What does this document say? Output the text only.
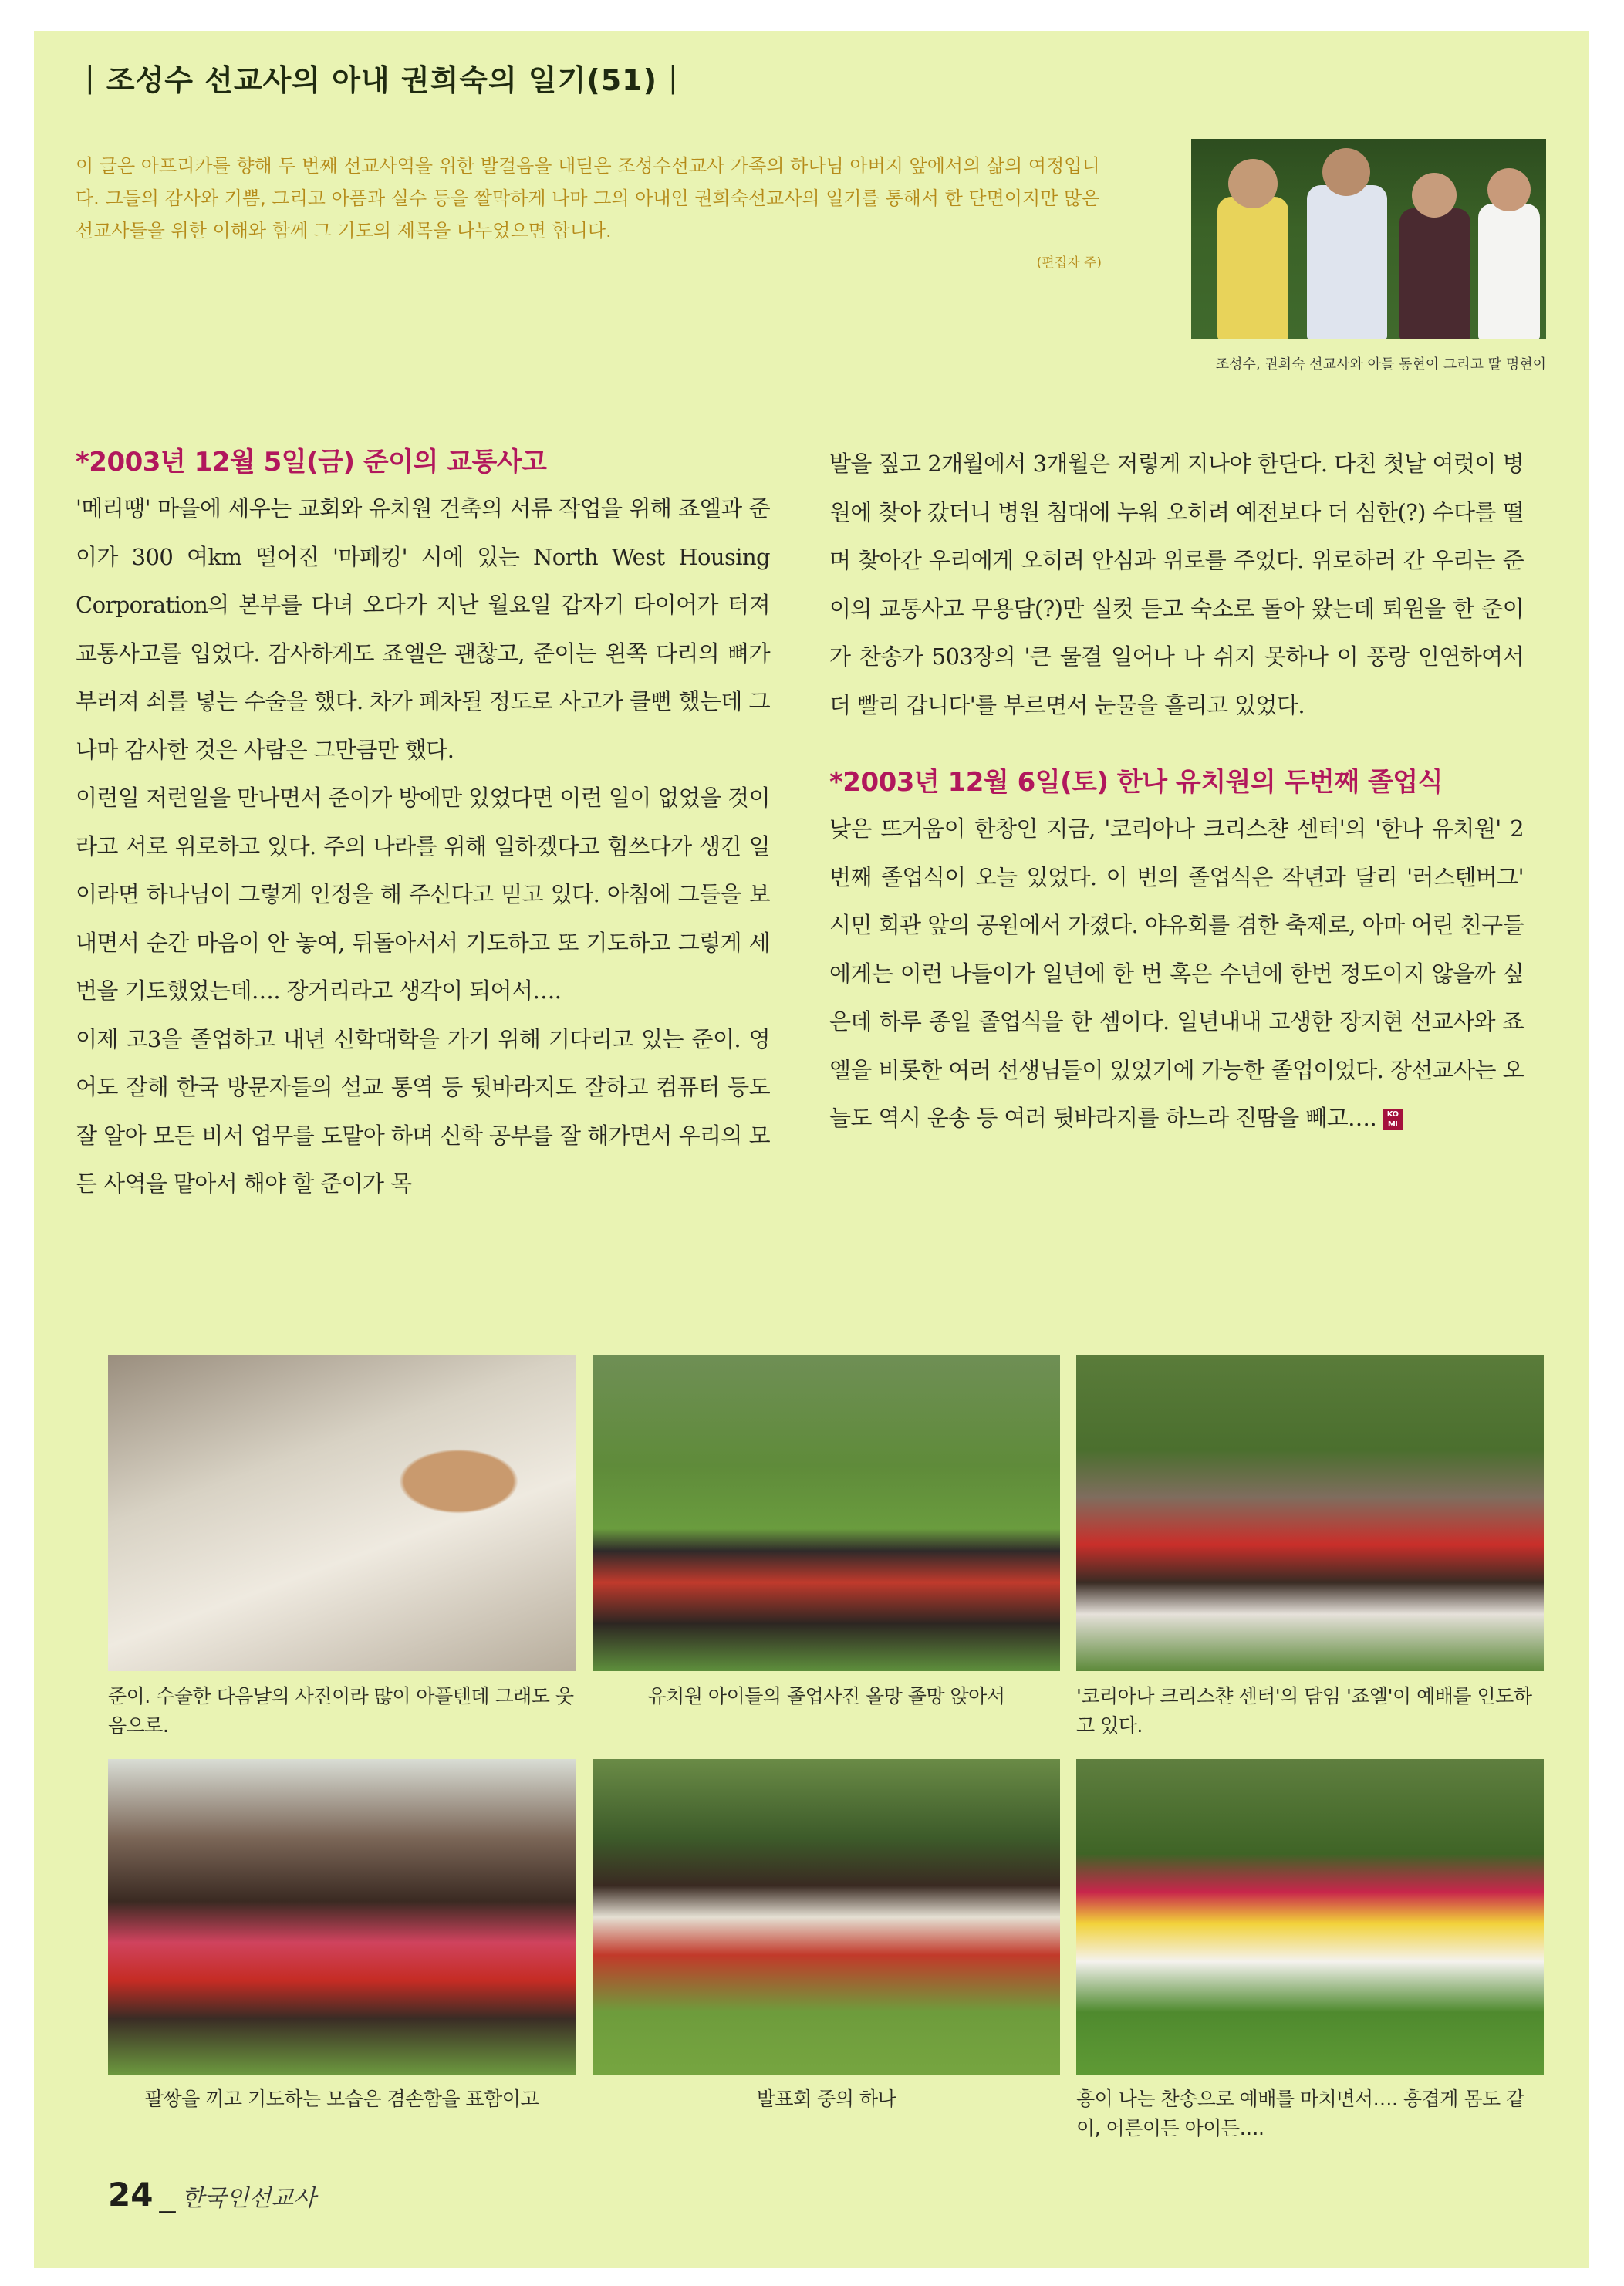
| 조성수 선교사의 아내 권희숙의 일기(51) |
이 글은 아프리카를 향해 두 번째 선교사역을 위한 발걸음을 내딛은 조성수선교사 가족의 하나님 아버지 앞에서의 삶의 여정입니다. 그들의 감사와 기쁨, 그리고 아픔과 실수 등을 짤막하게 나마 그의 아내인 권희숙선교사의 일기를 통해서 한 단면이지만 많은 선교사들을 위한 이해와 함께 그 기도의 제목을 나누었으면 합니다.
(편집자 주)
조성수, 권희숙 선교사와 아들 동현이 그리고 딸 명현이
*2003년 12월 5일(금) 준이의 교통사고
'메리땡' 마을에 세우는 교회와 유치원 건축의 서류 작업을 위해 죠엘과 준이가 300 여km 떨어진 '마페킹' 시에 있는 North West Housing Corporation의 본부를 다녀 오다가 지난 월요일 갑자기 타이어가 터져 교통사고를 입었다. 감사하게도 죠엘은 괜찮고, 준이는 왼쪽 다리의 뼈가 부러져 쇠를 넣는 수술을 했다. 차가 폐차될 정도로 사고가 클뻔 했는데 그나마 감사한 것은 사람은 그만큼만 했다.
이런일 저런일을 만나면서 준이가 방에만 있었다면 이런 일이 없었을 것이라고 서로 위로하고 있다. 주의 나라를 위해 일하겠다고 힘쓰다가 생긴 일이라면 하나님이 그렇게 인정을 해 주신다고 믿고 있다. 아침에 그들을 보내면서 순간 마음이 안 놓여, 뒤돌아서서 기도하고 또 기도하고 그렇게 세번을 기도했었는데…. 장거리라고 생각이 되어서….
이제 고3을 졸업하고 내년 신학대학을 가기 위해 기다리고 있는 준이. 영어도 잘해 한국 방문자들의 설교 통역 등 뒷바라지도 잘하고 컴퓨터 등도 잘 알아 모든 비서 업무를 도맡아 하며 신학 공부를 잘 해가면서 우리의 모든 사역을 맡아서 해야 할 준이가 목
발을 짚고 2개월에서 3개월은 저렇게 지나야 한단다. 다친 첫날 여럿이 병원에 찾아 갔더니 병원 침대에 누워 오히려 예전보다 더 심한(?) 수다를 떨며 찾아간 우리에게 오히려 안심과 위로를 주었다. 위로하러 간 우리는 준이의 교통사고 무용담(?)만 실컷 듣고 숙소로 돌아 왔는데 퇴원을 한 준이가 찬송가 503장의 '큰 물결 일어나 나 쉬지 못하나 이 풍랑 인연하여서 더 빨리 갑니다'를 부르면서 눈물을 흘리고 있었다.
*2003년 12월 6일(토) 한나 유치원의 두번째 졸업식
낮은 뜨거움이 한창인 지금, '코리아나 크리스챤 센터'의 '한나 유치원' 2번째 졸업식이 오늘 있었다. 이 번의 졸업식은 작년과 달리 '러스텐버그' 시민 회관 앞의 공원에서 가졌다. 야유회를 겸한 축제로, 아마 어린 친구들에게는 이런 나들이가 일년에 한 번 혹은 수년에 한번 정도이지 않을까 싶은데 하루 종일 졸업식을 한 셈이다. 일년내내 고생한 장지현 선교사와 죠엘을 비롯한 여러 선생님들이 있었기에 가능한 졸업이었다. 장선교사는 오늘도 역시 운송 등 여러 뒷바라지를 하느라 진땀을 빼고…. KO MI
준이. 수술한 다음날의 사진이라 많이 아플텐데 그래도 웃음으로.
유치원 아이들의 졸업사진 올망 졸망 앉아서	'코리아나 크리스챤 센터'의 담임 '죠엘'이 예배를 인도하고 있다.
팔짱을 끼고 기도하는 모습은 겸손함을 표함이고	발표회 중의 하나	흥이 나는 찬송으로 예배를 마치면서…. 흥겹게 몸도 같이, 어른이든 아이든….
24 _ 한국인선교사
